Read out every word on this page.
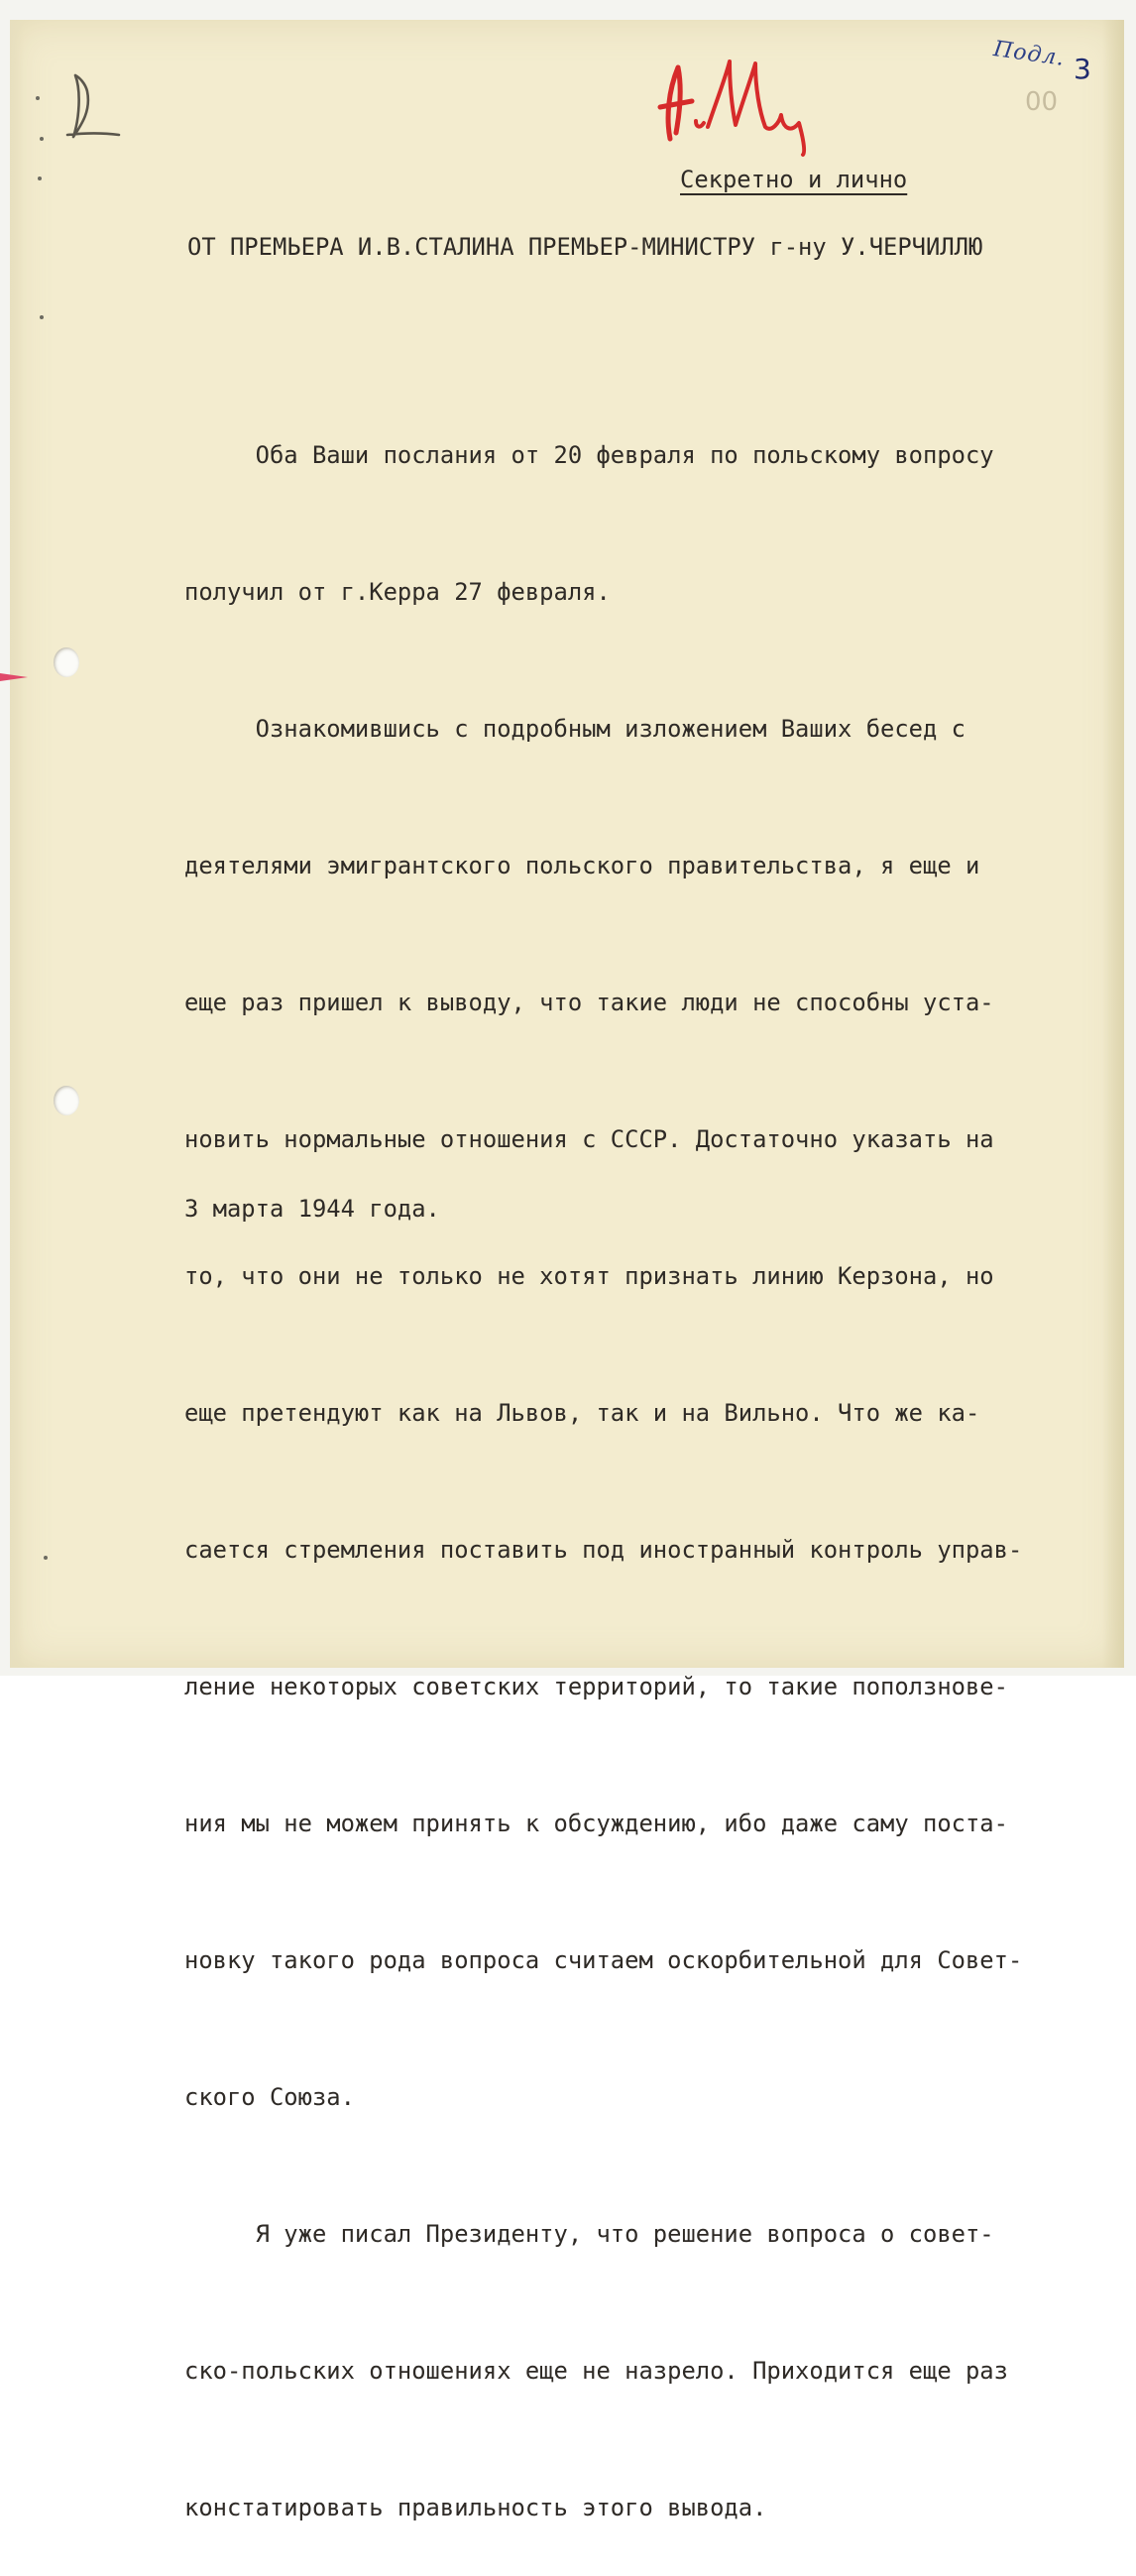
Подл. 3
00
Секретно и лично
ОТ ПРЕМЬЕРА И.В.СТАЛИНА ПРЕМЬЕР-МИНИСТРУ г-ну У.ЧЕРЧИЛЛЮ

Оба Ваши послания от 20 февраля по польскому вопросу

получил от г.Керра 27 февраля.

Ознакомившись с подробным изложением Ваших бесед с

деятелями эмигрантского польского правительства, я еще и

еще раз пришел к выводу, что такие люди не способны уста-

новить нормальные отношения с СССР. Достаточно указать на

то, что они не только не хотят признать линию Керзона, но

еще претендуют как на Львов, так и на Вильно. Что же ка-

сается стремления поставить под иностранный контроль управ-

ление некоторых советских территорий, то такие поползнове-

ния мы не можем принять к обсуждению, ибо даже саму поста-

новку такого рода вопроса считаем оскорбительной для Совет-

ского Союза.

Я уже писал Президенту, что решение вопроса о совет-

ско-польских отношениях еще не назрело. Приходится еще раз

констатировать правильность этого вывода.

3 марта 1944 года.
